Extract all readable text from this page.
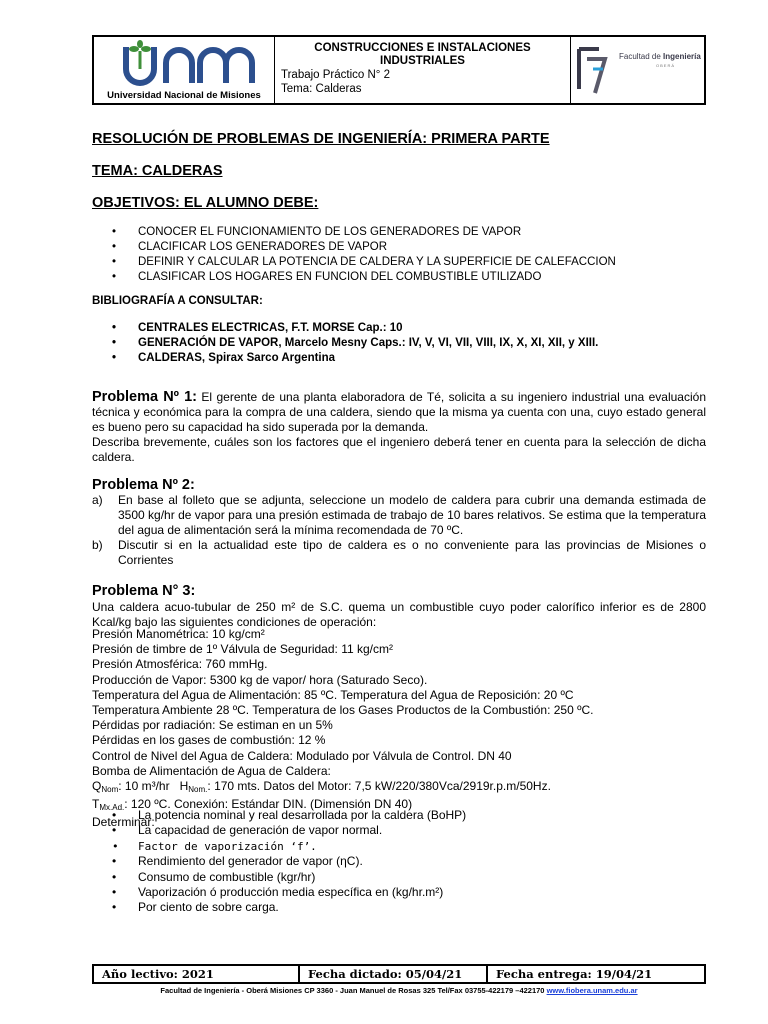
Universidad Nacional de Misiones
CONSTRUCCIONES E INSTALACIONES INDUSTRIALES
Trabajo Práctico N° 2
Tema: Calderas
Facultad de Ingeniería
OBERÁ
RESOLUCIÓN DE PROBLEMAS DE INGENIERÍA: PRIMERA PARTE
TEMA: CALDERAS
OBJETIVOS: EL ALUMNO DEBE:
• CONOCER EL FUNCIONAMIENTO DE LOS GENERADORES DE VAPOR
• CLACIFICAR LOS GENERADORES DE VAPOR
• DEFINIR Y CALCULAR LA POTENCIA DE CALDERA Y LA SUPERFICIE DE CALEFACCION
• CLASIFICAR LOS HOGARES EN FUNCION DEL COMBUSTIBLE UTILIZADO
BIBLIOGRAFÍA A CONSULTAR:
• CENTRALES ELECTRICAS, F.T. MORSE Cap.: 10
• GENERACIÓN DE VAPOR, Marcelo Mesny Caps.: IV, V, VI, VII, VIII, IX, X, XI, XII, y XIII.
• CALDERAS, Spirax Sarco Argentina
Problema Nº 1: El gerente de una planta elaboradora de Té, solicita a su ingeniero industrial una evaluación técnica y económica para la compra de una caldera, siendo que la misma ya cuenta con una, cuyo estado general es bueno pero su capacidad ha sido superada por la demanda.
Describa brevemente, cuáles son los factores que el ingeniero deberá tener en cuenta para la selección de dicha caldera.
Problema Nº 2:
a) En base al folleto que se adjunta, seleccione un modelo de caldera para cubrir una demanda estimada de 3500 kg/hr de vapor para una presión estimada de trabajo de 10 bares relativos. Se estima que la temperatura del agua de alimentación será la mínima recomendada de 70 ºC.
b) Discutir si en la actualidad este tipo de caldera es o no conveniente para las provincias de Misiones o Corrientes
Problema N° 3:
Una caldera acuo-tubular de 250 m² de S.C. quema un combustible cuyo poder calorífico inferior es de 2800 Kcal/kg bajo las siguientes condiciones de operación:
Presión Manométrica: 10 kg/cm²
Presión de timbre de 1º Válvula de Seguridad: 11 kg/cm²
Presión Atmosférica: 760 mmHg.
Producción de Vapor: 5300 kg de vapor/ hora (Saturado Seco).
Temperatura del Agua de Alimentación: 85 ºC. Temperatura del Agua de Reposición: 20 ºC
Temperatura Ambiente 28 ºC. Temperatura de los Gases Productos de la Combustión: 250 ºC.
Pérdidas por radiación: Se estiman en un 5%
Pérdidas en los gases de combustión: 12 %
Control de Nivel del Agua de Caldera: Modulado por Válvula de Control. DN 40
Bomba de Alimentación de Agua de Caldera:
$Q_{Nom}$: 10 m³/hr $H_{Nom.}$: 170 mts. Datos del Motor: 7,5 kW/220/380Vca/2919r.p.m/50Hz.
$T_{Mx.Ad.}$: 120 ºC. Conexión: Estándar DIN. (Dimensión DN 40)
Determinar:
• La potencia nominal y real desarrollada por la caldera (BoHP)
• La capacidad de generación de vapor normal.
• Factor de vaporización ‘f’.
• Rendimiento del generador de vapor (ηC).
• Consumo de combustible (kgr/hr)
• Vaporización ó producción media específica en (kg/hr.m²)
• Por ciento de sobre carga.
Año lectivo: 2021	Fecha dictado: 05/04/21	Fecha entrega: 19/04/21
Facultad de Ingeniería - Oberá Misiones CP 3360 - Juan Manuel de Rosas 325 Tel/Fax 03755-422179 –422170 www.fiobera.unam.edu.ar
